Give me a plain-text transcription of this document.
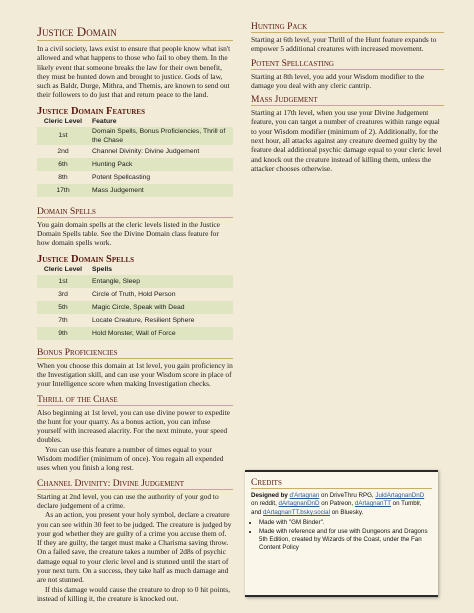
Justice Domain

In a civil society, laws exist to ensure that people know what isn't allowed and what happens to those who fail to obey them. In the likely event that someone breaks the law for their own benefit, they must be hunted down and brought to justice. Gods of law, such as Baldr, Durge, Mithra, and Themis, are known to send out their followers to do just that and return peace to the land.

Justice Domain Features
Cleric Level	Feature
1st	Domain Spells, Bonus Proficiencies, Thrill of the Chase
2nd	Channel Divinity: Divine Judgement
6th	Hunting Pack
8th	Potent Spellcasting
17th	Mass Judgement
Domain Spells

You gain domain spells at the cleric levels listed in the Justice Domain Spells table. See the Divine Domain class feature for how domain spells work.

Justice Domain Spells
Cleric Level	Spells
1st	Entangle, Sleep
3rd	Circle of Truth, Hold Person
5th	Magic Circle, Speak with Dead
7th	Locate Creature, Resilient Sphere
9th	Hold Monster, Wall of Force
Bonus Proficiencies

When you choose this domain at 1st level, you gain proficiency in the Investigation skill, and can use your Wisdom score in place of your Intelligence score when making Investigation checks.

Thrill of the Chase

Also beginning at 1st level, you can use divine power to expedite the hunt for your quarry. As a bonus action, you can infuse yourself with increased alacrity. For the next minute, your speed doubles.

You can use this feature a number of times equal to your Wisdom modifier (minimum of once). You regain all expended uses when you finish a long rest.

Channel Divinity: Divine Judgement

Starting at 2nd level, you can use the authority of your god to declare judgement of a crime.

As an action, you present your holy symbol, declare a creature you can see within 30 feet to be judged. The creature is judged by your god whether they are guilty of a crime you accuse them of. If they are guilty, the target must make a Charisma saving throw. On a failed save, the creature takes a number of 2d8s of psychic damage equal to your cleric level and is stunned until the start of your next turn. On a success, they take half as much damage and are not stunned.

If this damage would cause the creature to drop to 0 hit points, instead of killing it, the creature is knocked out.

Hunting Pack

Starting at 6th level, your Thrill of the Hunt feature expands to empower 5 additional creatures with increased movement.

Potent Spellcasting

Starting at 8th level, you add your Wisdom modifier to the damage you deal with any cleric cantrip.

Mass Judgement

Starting at 17th level, when you use your Divine Judgement feature, you can target a number of creatures within range equal to your Wisdom modifier (minimum of 2). Additionally, for the next hour, all attacks against any creature deemed guilty by the feature deal additional psychic damage equal to your cleric level and knock out the creature instead of killing them, unless the attacker chooses otherwise.

Credits

Designed by d'Artagnan on DriveThru RPG, JuldArtagnanDnD on reddit, dArtagnanDnD on Patreon, dArtagnanTT on Tumblr, and dArtagnanTT.bsky.social on Bluesky.

• Made with "GM Binder".
• Made with reference and for use with Dungeons and Dragons 5th Edition, created by Wizards of the Coast, under the Fan Content Policy
